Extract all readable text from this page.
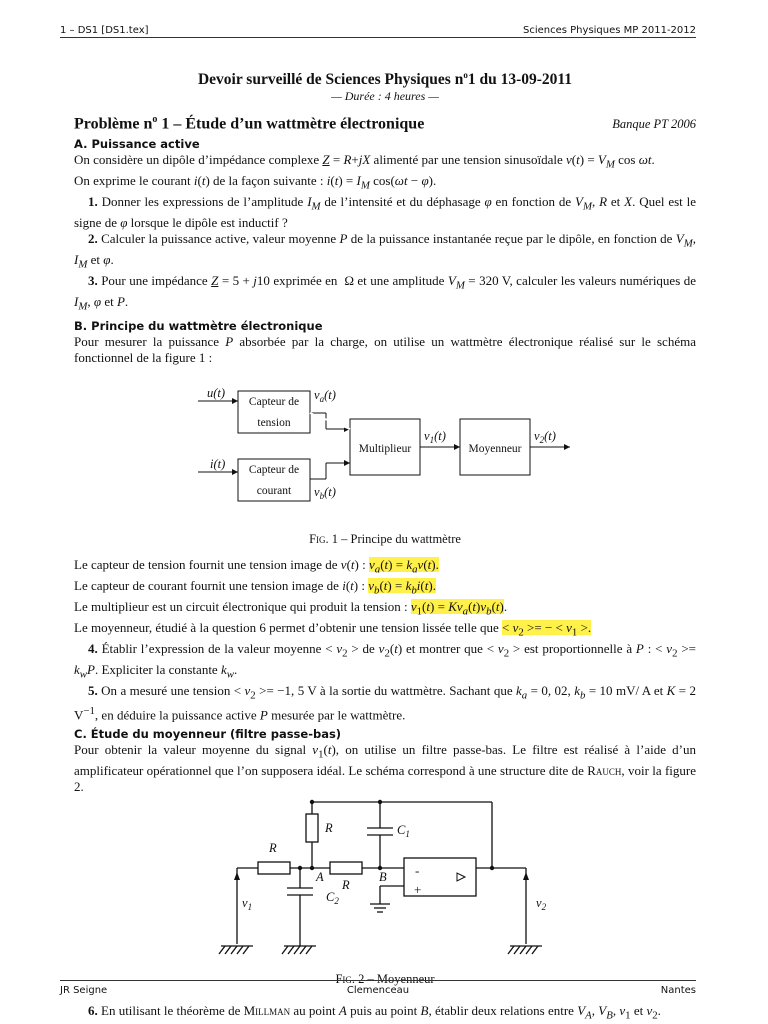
1 – DS1 [DS1.tex]	Sciences Physiques MP 2011-2012
Devoir surveillé de Sciences Physiques $n^o1$ du 13-09-2011
— Durée : 4 heures —
Problème $n^o$ 1 – Étude d’un wattmètre électronique	Banque PT 2006
A. Puissance active

On considère un dipôle d’impédance complexe Z = R+jX alimenté par une tension sinusoïdale $v(t) = V_M$ cos ωt.

On exprime le courant i(t) de la façon suivante : $i(t) = I_M$ cos(ωt − φ).

1. Donner les expressions de l’amplitude $I_M$ de l’intensité et du déphasage φ en fonction de $V_M$, R et X. Quel est le signe de φ lorsque le dipôle est inductif ?

2. Calculer la puissance active, valeur moyenne P de la puissance instantanée reçue par le dipôle, en fonction de $V_M$, $I_M$ et φ.

3. Pour une impédance Z = 5 + j10 exprimée en  Ω et une amplitude $V_M = 320$ V, calculer les valeurs numériques de $I_M$, φ et P.

B. Principe du wattmètre électronique

Pour mesurer la puissance P absorbée par la charge, on utilise un wattmètre électronique réalisé sur le schéma fonctionnel de la figure 1 :

Capteur de
tension
Capteur de
courant
Multiplieur	Moyenneur
u(t)
i(t)
$v_a(t)$
$v_b(t)$
$v_1(t)$	$v_2(t)$
Fig. 1 – Principe du wattmètre

Le capteur de tension fournit une tension image de v(t) : $v_a(t) = k_av(t)$.

Le capteur de courant fournit une tension image de i(t) : $v_b(t) = k_bi(t)$.

Le multiplieur est un circuit électronique qui produit la tension : $v_1(t) = Kv_a(t)v_b(t)$.

Le moyenneur, étudié à la question 6 permet d’obtenir une tension lissée telle que < $v_2$ >= − < $v_1$ >.

4. Établir l’expression de la valeur moyenne < $v_2$ > de $v_2(t)$ et montrer que < $v_2$ > est proportionnelle à P : < $v_2 >= k_wP$. Expliciter la constante $k_w$.

5. On a mesuré une tension < $v_2 >= -1$, 5 V à la sortie du wattmètre. Sachant que $k_a = 0$, 02, $k_b = 10$ mV/ A et K = 2 $V^{-1}$, en déduire la puissance active P mesurée par le wattmètre.

C. Étude du moyenneur (filtre passe-bas)

Pour obtenir la valeur moyenne du signal $v_1(t)$, on utilise un filtre passe-bas. Le filtre est réalisé à l’aide d’un amplificateur opérationnel que l’on supposera idéal. Le schéma correspond à une structure dite de Rauch, voir la figure 2.

R
R
R
$C_1$
$C_2$
A	B
$v_1$	$v_2$
-
+
Fig. 2 – Moyenneur

6. En utilisant le théorème de Millman au point A puis au point B, établir deux relations entre $V_A$, $V_B$, $v_1$ et $v_2$.

JR Seigne	Clemenceau	Nantes
